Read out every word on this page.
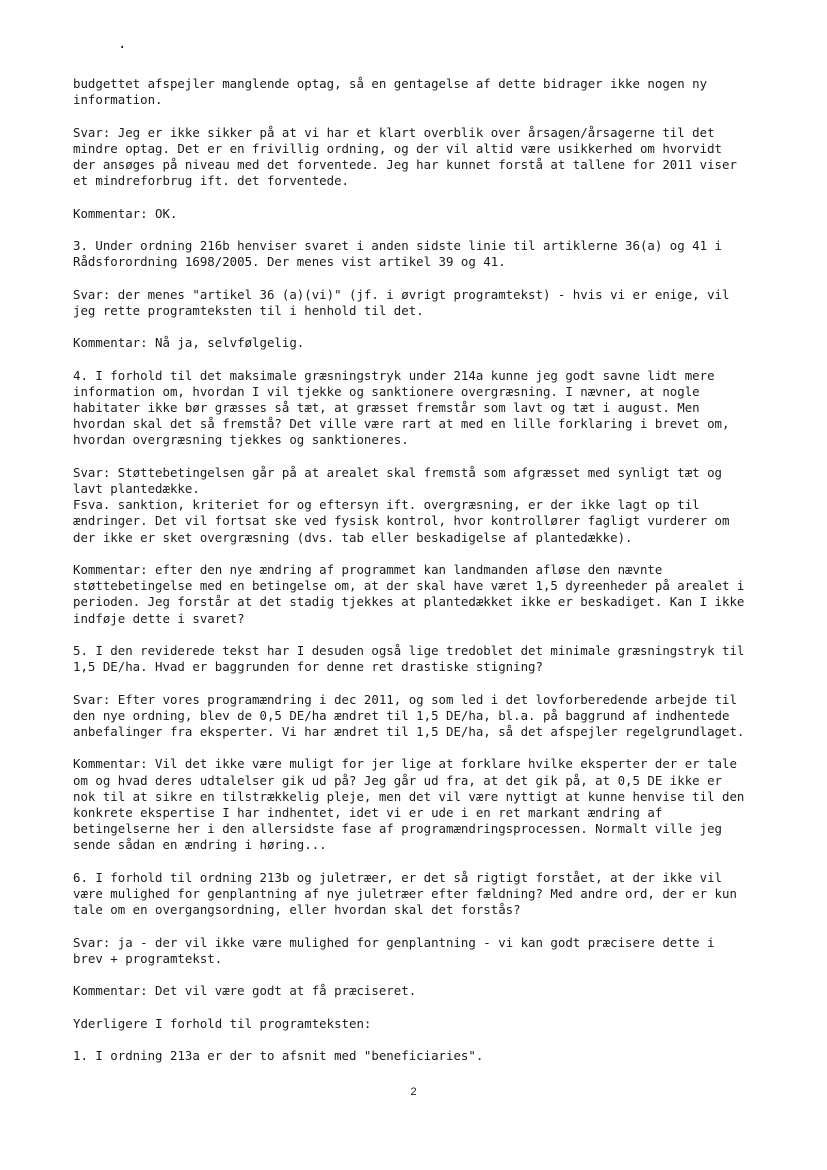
.

budgettet afspejler manglende optag, så en gentagelse af dette bidrager ikke nogen ny
information.

Svar: Jeg er ikke sikker på at vi har et klart overblik over årsagen/årsagerne til det
mindre optag. Det er en frivillig ordning, og der vil altid være usikkerhed om hvorvidt
der ansøges på niveau med det forventede. Jeg har kunnet forstå at tallene for 2011 viser
et mindreforbrug ift. det forventede.

Kommentar: OK.

3. Under ordning 216b henviser svaret i anden sidste linie til artiklerne 36(a) og 41 i
Rådsforordning 1698/2005. Der menes vist artikel 39 og 41.

Svar: der menes "artikel 36 (a)(vi)" (jf. i øvrigt programtekst) - hvis vi er enige, vil
jeg rette programteksten til i henhold til det.

Kommentar: Nå ja, selvfølgelig.

4. I forhold til det maksimale græsningstryk under 214a kunne jeg godt savne lidt mere
information om, hvordan I vil tjekke og sanktionere overgræsning. I nævner, at nogle
habitater ikke bør græsses så tæt, at græsset fremstår som lavt og tæt i august. Men
hvordan skal det så fremstå? Det ville være rart at med en lille forklaring i brevet om,
hvordan overgræsning tjekkes og sanktioneres.

Svar: Støttebetingelsen går på at arealet skal fremstå som afgræsset med synligt tæt og
lavt plantedække.
Fsva. sanktion, kriteriet for og eftersyn ift. overgræsning, er der ikke lagt op til
ændringer. Det vil fortsat ske ved fysisk kontrol, hvor kontrollører fagligt vurderer om
der ikke er sket overgræsning (dvs. tab eller beskadigelse af plantedække).

Kommentar: efter den nye ændring af programmet kan landmanden afløse den nævnte
støttebetingelse med en betingelse om, at der skal have været 1,5 dyreenheder på arealet i
perioden. Jeg forstår at det stadig tjekkes at plantedækket ikke er beskadiget. Kan I ikke
indføje dette i svaret?

5. I den reviderede tekst har I desuden også lige tredoblet det minimale græsningstryk til
1,5 DE/ha. Hvad er baggrunden for denne ret drastiske stigning?

Svar: Efter vores programændring i dec 2011, og som led i det lovforberedende arbejde til
den nye ordning, blev de 0,5 DE/ha ændret til 1,5 DE/ha, bl.a. på baggrund af indhentede
anbefalinger fra eksperter. Vi har ændret til 1,5 DE/ha, så det afspejler regelgrundlaget.

Kommentar: Vil det ikke være muligt for jer lige at forklare hvilke eksperter der er tale
om og hvad deres udtalelser gik ud på? Jeg går ud fra, at det gik på, at 0,5 DE ikke er
nok til at sikre en tilstrækkelig pleje, men det vil være nyttigt at kunne henvise til den
konkrete ekspertise I har indhentet, idet vi er ude i en ret markant ændring af
betingelserne her i den allersidste fase af programændringsprocessen. Normalt ville jeg
sende sådan en ændring i høring...

6. I forhold til ordning 213b og juletræer, er det så rigtigt forstået, at der ikke vil
være mulighed for genplantning af nye juletræer efter fældning? Med andre ord, der er kun
tale om en overgangsordning, eller hvordan skal det forstås?

Svar: ja - der vil ikke være mulighed for genplantning - vi kan godt præcisere dette i
brev + programtekst.

Kommentar: Det vil være godt at få præciseret.

Yderligere I forhold til programteksten:

1. I ordning 213a er der to afsnit med "beneficiaries".

2
